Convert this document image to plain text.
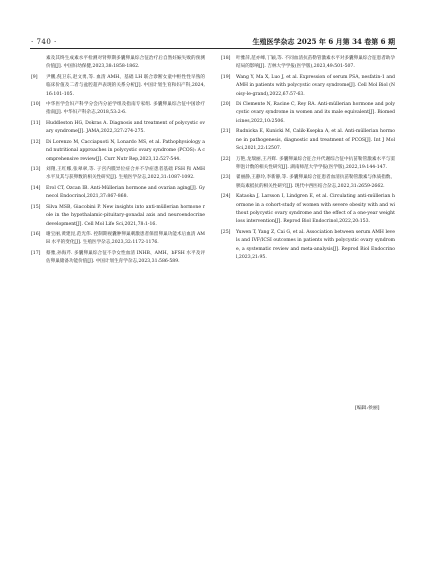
· 740 ·	生殖医学杂志 2025 年 6 月第 34 卷第 6 期
素及其终生成素水平检测对肾卵期多囊卵巢综合征治疗后自然妊娠失败的预测价值[J]. 中国妇幼保健,2023,38:1858-1862.
[9]	尹鹏,倪卫东,赵文勇,等. 血清 AMH、基础 LH 联合诊断女童中枢性性早熟的临床价值及二者与盆腔超声表现的关系分析[J]. 中国计划生育和妇产科,2024,16:101-105.
[10]	中华医学会妇产科学分会内分泌学组及指南专家组. 多囊卵巢综合征中国诊疗指南[J]. 中华妇产科杂志,2018,53:2-6.
[11]	Huddleston HG, Dokras A. Diagnosis and treatment of polycystic ovary syndrome[J]. JAMA,2022,327:274-275.
[12]	Di Lorenzo M, Cacciapuoti N, Lonardo MS, et al. Pathophysiology and nutritional approaches in polycystic ovary syndrome (PCOS): A comprehensive review[J]. Curr Nutr Rep,2023,12:527-544.
[13]	刘翔,王红娜,张翠翠,等. 子宫内膜异位症合并不孕症患者基础 FSH 和 AMH 水平及其与获卵数的相关性研究[J]. 生殖医学杂志,2022,31:1087-1092.
[14]	Erol CT, Ozcan IB. Anti-Müllerian hormone and ovarian aging[J]. Gynecol Endocrinol,2021,37:867-868.
[15]	Silva MSB, Giacobini P. New insights into anti-müllerian hormone role in the hypothalamic-pituitary-gonadal axis and neuroendocrine development[J]. Cell Mol Life Sci,2021,78:1-16.
[16]	谢宝丽,黄建昆,范光伟. 控制期视囊肿卵巢刺激患者保留卵巢功能术后血清 AMH 水平的变化[J]. 生殖医学杂志,2023,32:1172-1176.
[17]	蔡雅,孙海芹. 多囊卵巢综合征不孕女性血清 INHB、AMH、bFSH 水平及评估卵巢储备功能价值[J]. 中国计划生育学杂志,2023,31:586-589.
[18]	叶雅萍,范亦峰,丁颖,等. 不同血清抗苗勒管激素水平对多囊卵巢综合征患者助孕结局的影响[J]. 吉林大学学报(医学版),2023,49:501-507.
[19]	Wang Y, Ma X, Luo J, et al. Expression of serum PSA, nesfatin-1 and AMH in patients with polycystic ovary syndrome[J]. Cell Mol Biol (Noisy-le-grand),2022,67:57-63.
[20]	Di Clemente N, Racine C, Rey RA. Anti-müllerian hormone and polycystic ovary syndrome in women and its male equivalent[J]. Biomedicines,2022,10:2506.
[21]	Rudnicka E, Kunicki M, Calik-Ksepka A, et al. Anti-müllerian hormone in pathogenesis, diagnostic and treatment of PCOS[J]. Int J Mol Sci,2021,22:12507.
[22]	万艳,龙瑞丽,王丹辉. 多囊卵巢综合征合并代谢综合征中抗苗勒管激素水平与窦卵泡计数的相关性研究[J]. 湖南师范大学学报(医学版),2022,19:144-147.
[23]	翟丽静,王静玲,李新静,等. 多囊卵巢综合征患者血清抗苗勒管激素与体质指数、胰岛素抵抗的相关性研究[J]. 现代中西医结合杂志,2022,31:2659-2662.
[24]	Kataoka J, Larsson I, Lindgren E, et al. Circulating anti-müllerian hormone in a cohort-study of women with severe obesity with and without polycystic ovary syndrome and the effect of a one-year weight loss intervention[J]. Reprod Biol Endocrinol,2022,20:153.
[25]	Yuwen T, Yang Z, Cai G, et al. Association between serum AMH levels and IVF/ICSI outcomes in patients with polycystic ovary syndrome, a systematic review and meta-analysis[J]. Reprod Biol Endocrinol,2023,21:95.
[编辑:侯丽]
